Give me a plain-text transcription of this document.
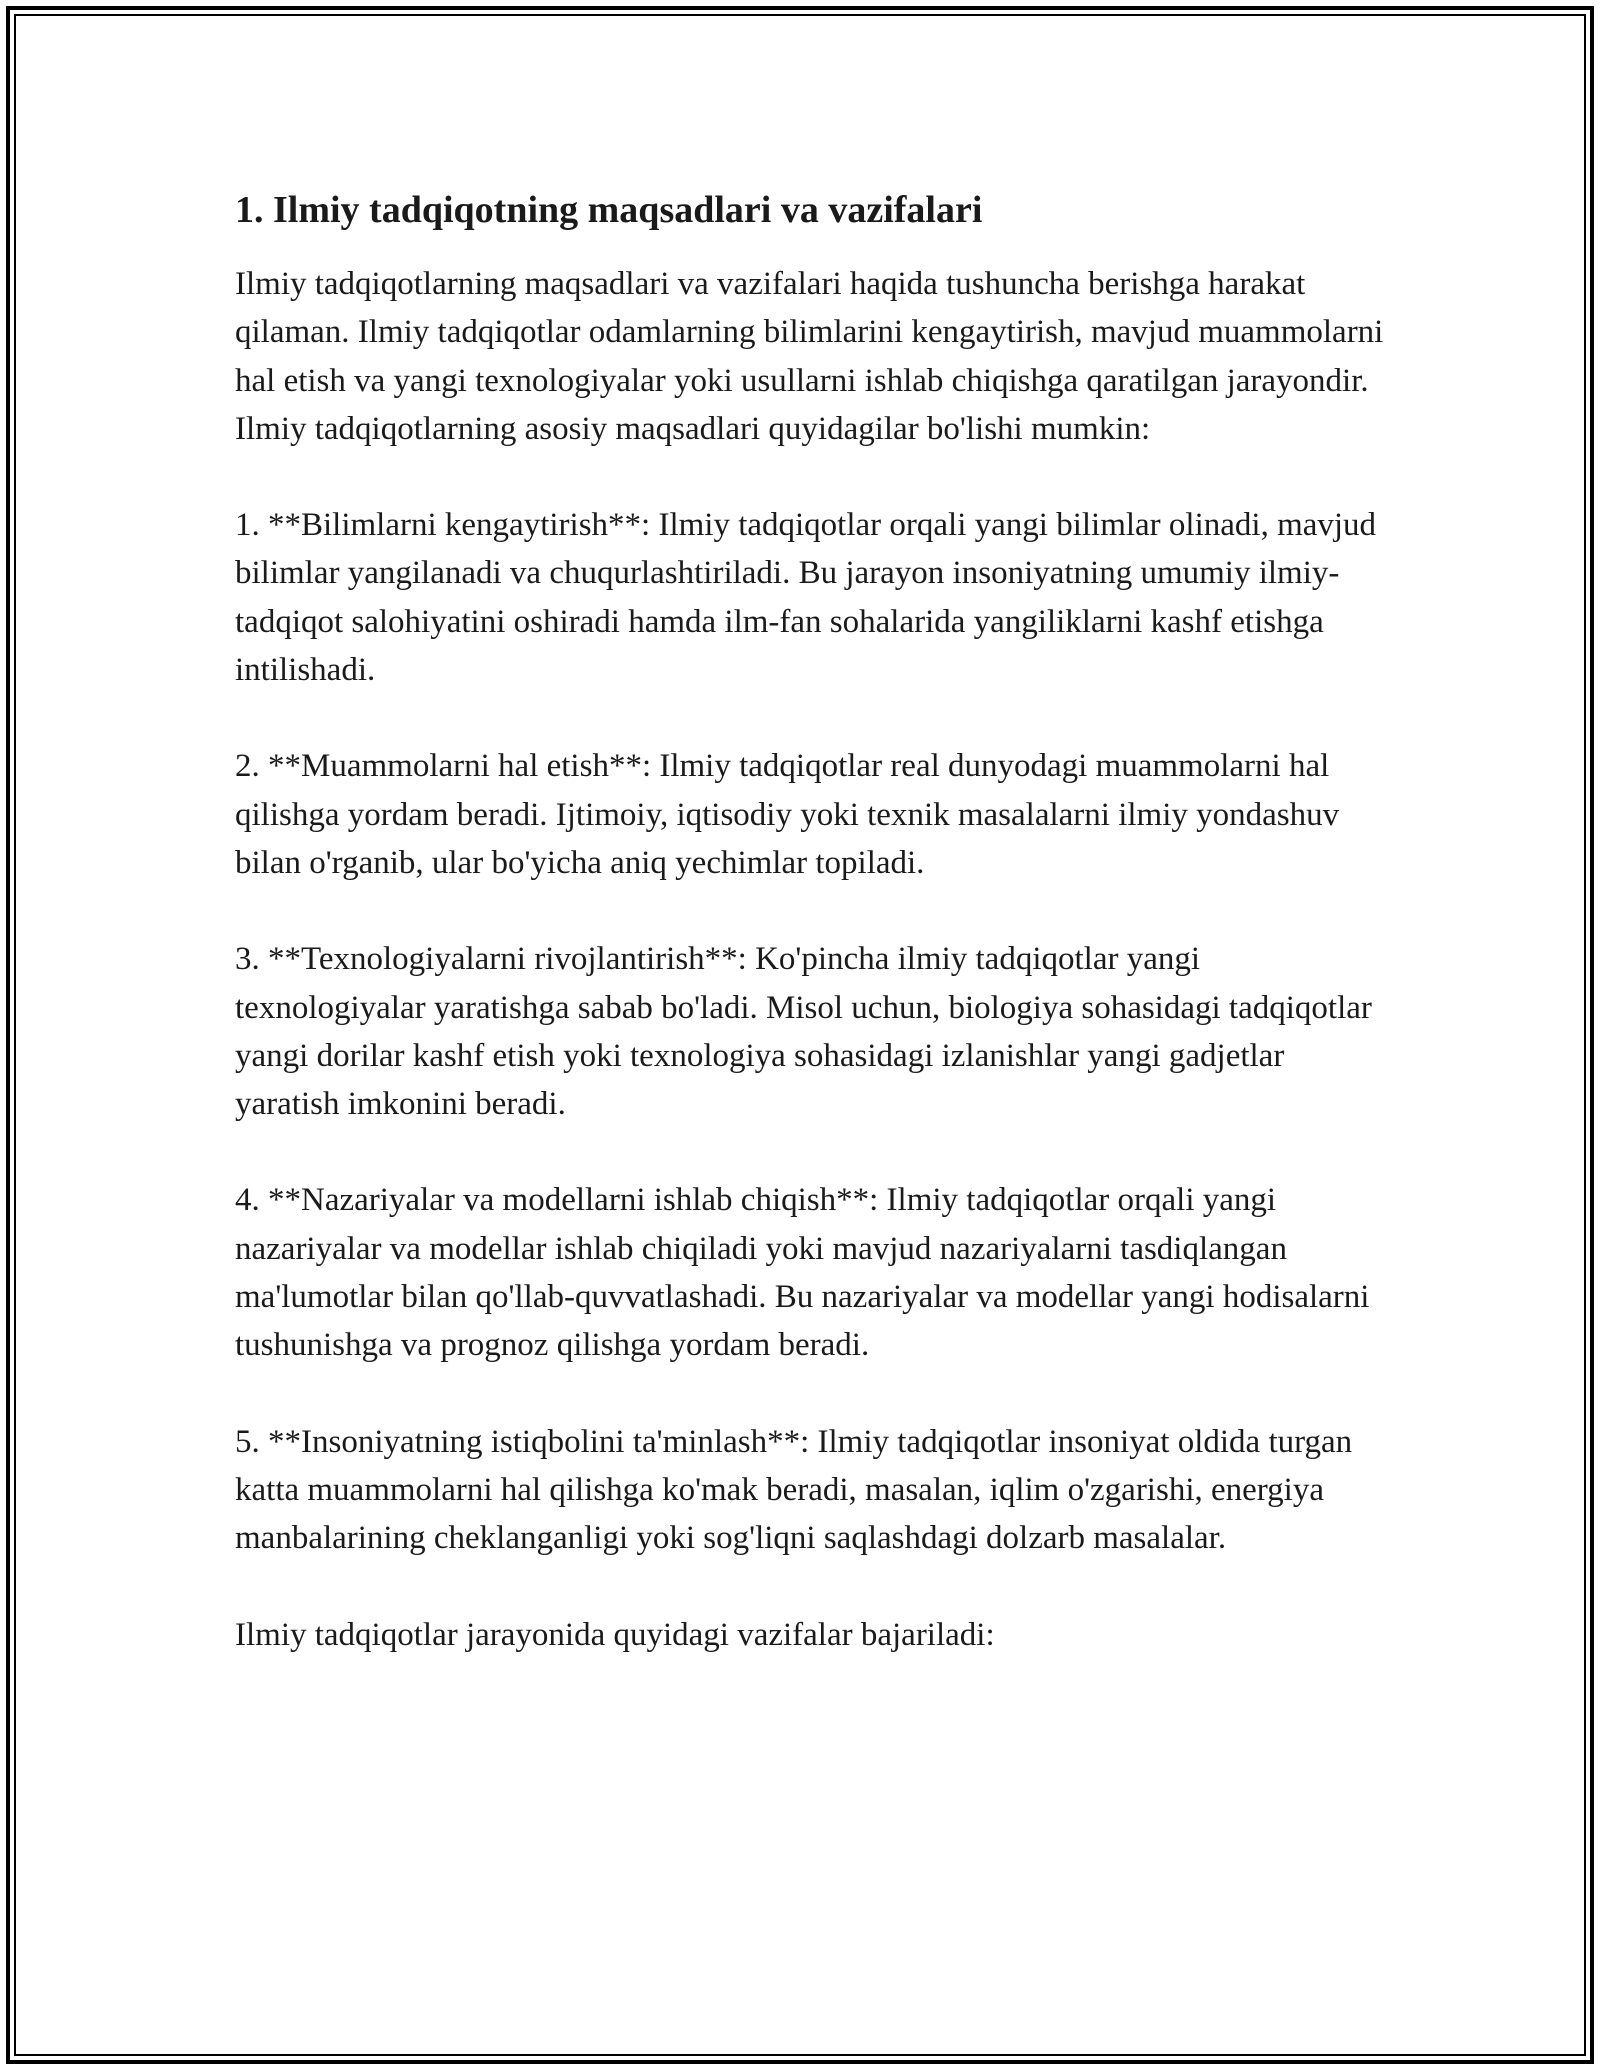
1. Ilmiy tadqiqotning maqsadlari va vazifalari

Ilmiy tadqiqotlarning maqsadlari va vazifalari haqida tushuncha berishga harakat qilaman. Ilmiy tadqiqotlar odamlarning bilimlarini kengaytirish, mavjud muammolarni hal etish va yangi texnologiyalar yoki usullarni ishlab chiqishga qaratilgan jarayondir. Ilmiy tadqiqotlarning asosiy maqsadlari quyidagilar bo'lishi mumkin:

1. **Bilimlarni kengaytirish**: Ilmiy tadqiqotlar orqali yangi bilimlar olinadi, mavjud bilimlar yangilanadi va chuqurlashtiriladi. Bu jarayon insoniyatning umumiy ilmiy-tadqiqot salohiyatini oshiradi hamda ilm-fan sohalarida yangiliklarni kashf etishga intilishadi.

2. **Muammolarni hal etish**: Ilmiy tadqiqotlar real dunyodagi muammolarni hal qilishga yordam beradi. Ijtimoiy, iqtisodiy yoki texnik masalalarni ilmiy yondashuv bilan o'rganib, ular bo'yicha aniq yechimlar topiladi.

3. **Texnologiyalarni rivojlantirish**: Ko'pincha ilmiy tadqiqotlar yangi texnologiyalar yaratishga sabab bo'ladi. Misol uchun, biologiya sohasidagi tadqiqotlar yangi dorilar kashf etish yoki texnologiya sohasidagi izlanishlar yangi gadjetlar yaratish imkonini beradi.

4. **Nazariyalar va modellarni ishlab chiqish**: Ilmiy tadqiqotlar orqali yangi nazariyalar va modellar ishlab chiqiladi yoki mavjud nazariyalarni tasdiqlangan ma'lumotlar bilan qo'llab-quvvatlashadi. Bu nazariyalar va modellar yangi hodisalarni tushunishga va prognoz qilishga yordam beradi.

5. **Insoniyatning istiqbolini ta'minlash**: Ilmiy tadqiqotlar insoniyat oldida turgan katta muammolarni hal qilishga ko'mak beradi, masalan, iqlim o'zgarishi, energiya manbalarining cheklanganligi yoki sog'liqni saqlashdagi dolzarb masalalar.

Ilmiy tadqiqotlar jarayonida quyidagi vazifalar bajariladi:
